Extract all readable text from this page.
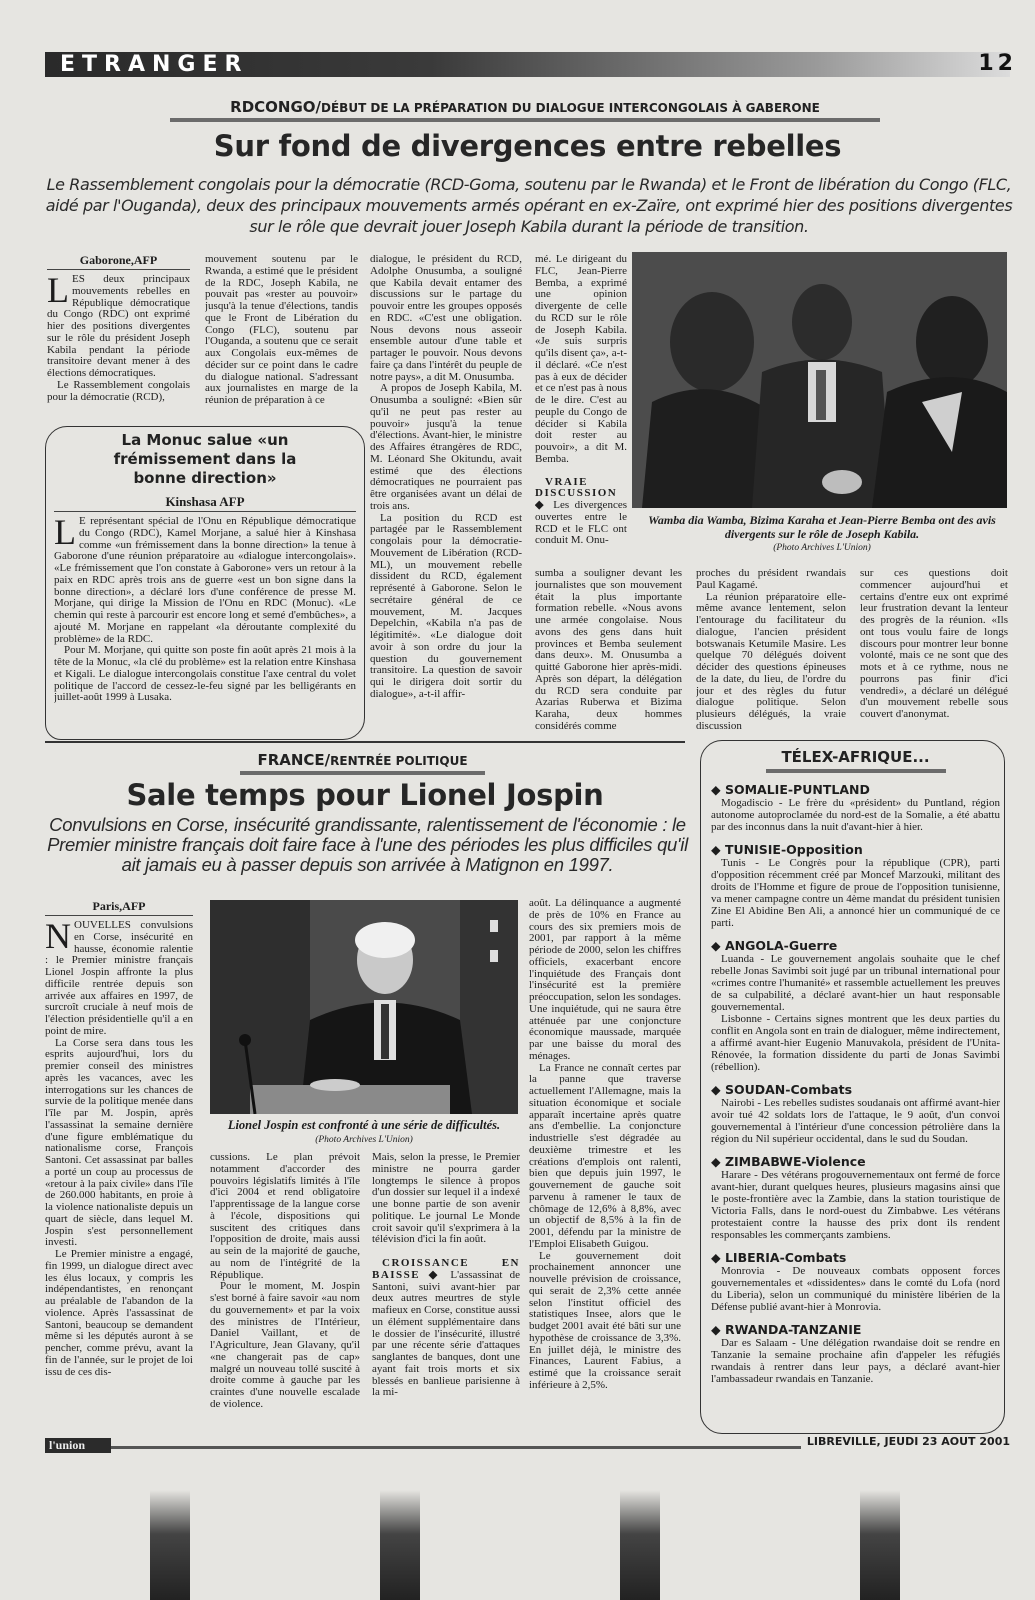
ETRANGER	12
RDCONGO/DÉBUT DE LA PRÉPARATION DU DIALOGUE INTERCONGOLAIS À GABERONE
Sur fond de divergences entre rebelles
Le Rassemblement congolais pour la démocratie (RCD-Goma, soutenu par le Rwanda) et le Front de libération du Congo (FLC, aidé par l'Ouganda), deux des principaux mouvements armés opérant en ex-Zaïre, ont exprimé hier des positions divergentes sur le rôle que devrait jouer Joseph Kabila durant la période de transition.
Gaborone,AFP

LES deux principaux mouvements rebelles en République démocratique du Congo (RDC) ont exprimé hier des positions divergentes sur le rôle du président Joseph Kabila pendant la période transitoire devant mener à des élections démocratiques.

Le Rassemblement congolais pour la démocratie (RCD),

mouvement soutenu par le Rwanda, a estimé que le président de la RDC, Joseph Kabila, ne pouvait pas «rester au pouvoir» jusqu'à la tenue d'élections, tandis que le Front de Libération du Congo (FLC), soutenu par l'Ouganda, a soutenu que ce serait aux Congolais eux-mêmes de décider sur ce point dans le cadre du dialogue national. S'adressant aux journalistes en marge de la réunion de préparation à ce

dialogue, le président du RCD, Adolphe Onusumba, a souligné que Kabila devait entamer des discussions sur le partage du pouvoir entre les groupes opposés en RDC. «C'est une obligation. Nous devons nous asseoir ensemble autour d'une table et partager le pouvoir. Nous devons faire ça dans l'intérêt du peuple de notre pays», a dit M. Onusumba.

A propos de Joseph Kabila, M. Onusumba a souligné: «Bien sûr qu'il ne peut pas rester au pouvoir» jusqu'à la tenue d'élections. Avant-hier, le ministre des Affaires étrangères de RDC, M. Léonard She Okitundu, avait estimé que des élections démocratiques ne pourraient pas être organisées avant un délai de trois ans.

La position du RCD est partagée par le Rassemblement congolais pour la démocratie-Mouvement de Libération (RCD-ML), un mouvement rebelle dissident du RCD, également représenté à Gaborone. Selon le secrétaire général de ce mouvement, M. Jacques Depelchin, «Kabila n'a pas de légitimité». «Le dialogue doit avoir à son ordre du jour la question du gouvernement transitoire. La question de savoir qui le dirigera doit sortir du dialogue», a-t-il affir-

mé. Le dirigeant du FLC, Jean-Pierre Bemba, a exprimé une opinion divergente de celle du RCD sur le rôle de Joseph Kabila. «Je suis surpris qu'ils disent ça», a-t-il déclaré. «Ce n'est pas à eux de décider et ce n'est pas à nous de le dire. C'est au peuple du Congo de décider si Kabila doit rester au pouvoir», a dit M. Bemba.

VRAIE DISCUSSION ◆ Les divergences ouvertes entre le RCD et le FLC ont conduit M. Onu-

sumba a souligner devant les journalistes que son mouvement était la plus importante formation rebelle. «Nous avons une armée congolaise. Nous avons des gens dans huit provinces et Bemba seulement dans deux». M. Onusumba a quitté Gaborone hier après-midi. Après son départ, la délégation du RCD sera conduite par Azarias Ruberwa et Bizima Karaha, deux hommes considérés comme

proches du président rwandais Paul Kagamé.

La réunion préparatoire elle-même avance lentement, selon l'entourage du facilitateur du dialogue, l'ancien président botswanais Ketumile Masire. Les quelque 70 délégués doivent décider des questions épineuses de la date, du lieu, de l'ordre du jour et des règles du futur dialogue politique. Selon plusieurs délégués, la vraie discussion

sur ces questions doit commencer aujourd'hui et certains d'entre eux ont exprimé leur frustration devant la lenteur des progrès de la réunion. «Ils ont tous voulu faire de longs discours pour montrer leur bonne volonté, mais ce ne sont que des mots et à ce rythme, nous ne pourrons pas finir d'ici vendredi», a déclaré un délégué d'un mouvement rebelle sous couvert d'anonymat.

Wamba dia Wamba, Bizima Karaha et Jean-Pierre Bemba ont des avis divergents sur le rôle de Joseph Kabila.
(Photo Archives L'Union)
La Monuc salue «un frémissement dans la bonne direction»
Kinshasa AFP

L E représentant spécial de l'Onu en République démocratique du Congo (RDC), Kamel Morjane, a salué hier à Kinshasa comme «un frémissement dans la bonne direction» la tenue à Gaborone d'une réunion préparatoire au «dialogue intercongolais». «Le frémissement que l'on constate à Gaborone» vers un retour à la paix en RDC après trois ans de guerre «est un bon signe dans la bonne direction», a déclaré lors d'une conférence de presse M. Morjane, qui dirige la Mission de l'Onu en RDC (Monuc). «Le chemin qui reste à parcourir est encore long et semé d'embûches», a ajouté M. Morjane en rappelant «la déroutante complexité du problème» de la RDC.

Pour M. Morjane, qui quitte son poste fin août après 21 mois à la tête de la Monuc, «la clé du problème» est la relation entre Kinshasa et Kigali. Le dialogue intercongolais constitue l'axe central du volet politique de l'accord de cessez-le-feu signé par les belligérants en juillet-août 1999 à Lusaka.

FRANCE/RENTRÉE POLITIQUE
Sale temps pour Lionel Jospin
Convulsions en Corse, insécurité grandissante, ralentissement de l'économie : le Premier ministre français doit faire face à l'une des périodes les plus difficiles qu'il ait jamais eu à passer depuis son arrivée à Matignon en 1997.
Paris,AFP

NOUVELLES convulsions en Corse, insécurité en hausse, économie ralentie : le Premier ministre français Lionel Jospin affronte la plus difficile rentrée depuis son arrivée aux affaires en 1997, de surcroît cruciale à neuf mois de l'élection présidentielle qu'il a en point de mire.

La Corse sera dans tous les esprits aujourd'hui, lors du premier conseil des ministres après les vacances, avec les interrogations sur les chances de survie de la politique menée dans l'île par M. Jospin, après l'assassinat la semaine dernière d'une figure emblématique du nationalisme corse, François Santoni. Cet assassinat par balles a porté un coup au processus de «retour à la paix civile» dans l'île de 260.000 habitants, en proie à la violence nationaliste depuis un quart de siècle, dans lequel M. Jospin s'est personnellement investi.

Le Premier ministre a engagé, fin 1999, un dialogue direct avec les élus locaux, y compris les indépendantistes, en renonçant au préalable de l'abandon de la violence. Après l'assassinat de Santoni, beaucoup se demandent même si les députés auront à se pencher, comme prévu, avant la fin de l'année, sur le projet de loi issu de ces dis-

Lionel Jospin est confronté à une série de difficultés.
(Photo Archives L'Union)

cussions. Le plan prévoit notamment d'accorder des pouvoirs législatifs limités à l'île d'ici 2004 et rend obligatoire l'apprentissage de la langue corse à l'école, dispositions qui suscitent des critiques dans l'opposition de droite, mais aussi au sein de la majorité de gauche, au nom de l'intégrité de la République.

Pour le moment, M. Jospin s'est borné à faire savoir «au nom du gouvernement» et par la voix des ministres de l'Intérieur, Daniel Vaillant, et de l'Agriculture, Jean Glavany, qu'il «ne changerait pas de cap» malgré un nouveau tollé suscité à droite comme à gauche par les craintes d'une nouvelle escalade de violence.

Mais, selon la presse, le Premier ministre ne pourra garder longtemps le silence à propos d'un dossier sur lequel il a indexé une bonne partie de son avenir politique. Le journal Le Monde croit savoir qu'il s'exprimera à la télévision d'ici la fin août.

CROISSANCE EN BAISSE ◆ L'assassinat de Santoni, suivi avant-hier par deux autres meurtres de style mafieux en Corse, constitue aussi un élément supplémentaire dans le dossier de l'insécurité, illustré par une récente série d'attaques sanglantes de banques, dont une ayant fait trois morts et six blessés en banlieue parisienne à la mi-

août. La délinquance a augmenté de près de 10% en France au cours des six premiers mois de 2001, par rapport à la même période de 2000, selon les chiffres officiels, exacerbant encore l'inquiétude des Français dont l'insécurité est la première préoccupation, selon les sondages. Une inquiétude, qui ne saura être atténuée par une conjoncture économique maussade, marquée par une baisse du moral des ménages.

La France ne connaît certes par la panne que traverse actuellement l'Allemagne, mais la situation économique et sociale apparaît incertaine après quatre ans d'embellie. La conjoncture industrielle s'est dégradée au deuxième trimestre et les créations d'emplois ont ralenti, bien que depuis juin 1997, le gouvernement de gauche soit parvenu à ramener le taux de chômage de 12,6% à 8,8%, avec un objectif de 8,5% à la fin de 2001, défendu par la ministre de l'Emploi Elisabeth Guigou.

Le gouvernement doit prochainement annoncer une nouvelle prévision de croissance, qui serait de 2,3% cette année selon l'institut officiel des statistiques Insee, alors que le budget 2001 avait été bâti sur une hypothèse de croissance de 3,3%. En juillet déjà, le ministre des Finances, Laurent Fabius, a estimé que la croissance serait inférieure à 2,5%.

TÉLEX-AFRIQUE...
◆ SOMALIE-PUNTLAND

Mogadiscio - Le frère du «président» du Puntland, région autonome autoproclamée du nord-est de la Somalie, a été abattu par des inconnus dans la nuit d'avant-hier à hier.

◆ TUNISIE-Opposition

Tunis - Le Congrès pour la république (CPR), parti d'opposition récemment créé par Moncef Marzouki, militant des droits de l'Homme et figure de proue de l'opposition tunisienne, va mener campagne contre un 4ème mandat du président tunisien Zine El Abidine Ben Ali, a annoncé hier un communiqué de ce parti.

◆ ANGOLA-Guerre

Luanda - Le gouvernement angolais souhaite que le chef rebelle Jonas Savimbi soit jugé par un tribunal international pour «crimes contre l'humanité» et rassemble actuellement les preuves de sa culpabilité, a déclaré avant-hier un haut responsable gouvernemental.

Lisbonne - Certains signes montrent que les deux parties du conflit en Angola sont en train de dialoguer, même indirectement, a affirmé avant-hier Eugenio Manuvakola, président de l'Unita-Rénovée, la formation dissidente du parti de Jonas Savimbi (rébellion).

◆ SOUDAN-Combats

Nairobi - Les rebelles sudistes soudanais ont affirmé avant-hier avoir tué 42 soldats lors de l'attaque, le 9 août, d'un convoi gouvernemental à l'intérieur d'une concession pétrolière dans la région du Nil supérieur occidental, dans le sud du Soudan.

◆ ZIMBABWE-Violence

Harare - Des vétérans progouvernementaux ont fermé de force avant-hier, durant quelques heures, plusieurs magasins ainsi que le poste-frontière avec la Zambie, dans la station touristique de Victoria Falls, dans le nord-ouest du Zimbabwe. Les vétérans protestaient contre la hausse des prix dont ils rendent responsables les commerçants zambiens.

◆ LIBERIA-Combats

Monrovia - De nouveaux combats opposent forces gouvernementales et «dissidentes» dans le comté du Lofa (nord du Liberia), selon un communiqué du ministère libérien de la Défense publié avant-hier à Monrovia.

◆ RWANDA-TANZANIE

Dar es Salaam - Une délégation rwandaise doit se rendre en Tanzanie la semaine prochaine afin d'appeler les réfugiés rwandais à rentrer dans leur pays, a déclaré avant-hier l'ambassadeur rwandais en Tanzanie.

l'union	LIBREVILLE, JEUDI 23 AOUT 2001
